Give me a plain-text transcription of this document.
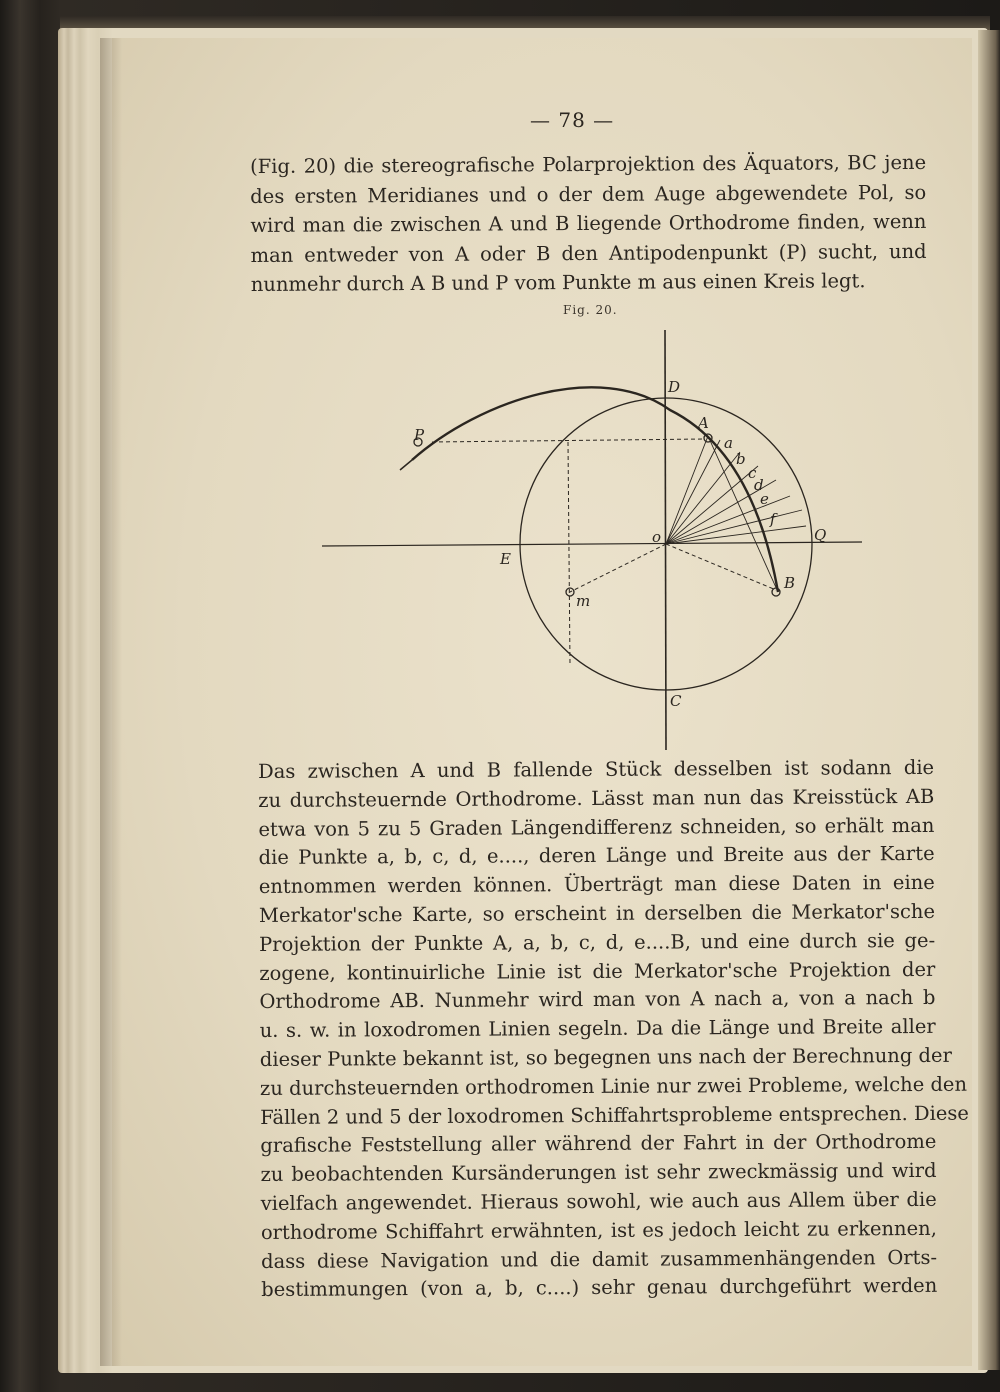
— 78 —
(Fig. 20) die stereografische Polarprojektion des Äquators, BC jene
des ersten Meridianes und o der dem Auge abgewendete Pol, so
wird man die zwischen A und B liegende Orthodrome finden, wenn
man entweder von A oder B den Antipodenpunkt (P) sucht, und
nunmehr durch A B und P vom Punkte m aus einen Kreis legt.
Fig. 20.
D
A
a
b
c
d
e
f
Q
B
E
o
m
P
C
Das zwischen A und B fallende Stück desselben ist sodann die
zu durchsteuernde Orthodrome. Lässt man nun das Kreisstück AB
etwa von 5 zu 5 Graden Längendifferenz schneiden, so erhält man
die Punkte a, b, c, d, e...., deren Länge und Breite aus der Karte
entnommen werden können. Überträgt man diese Daten in eine
Merkator'sche Karte, so erscheint in derselben die Merkator'sche
Projektion der Punkte A, a, b, c, d, e....B, und eine durch sie ge-
zogene, kontinuirliche Linie ist die Merkator'sche Projektion der
Orthodrome AB. Nunmehr wird man von A nach a, von a nach b
u. s. w. in loxodromen Linien segeln. Da die Länge und Breite aller
dieser Punkte bekannt ist, so begegnen uns nach der Berechnung der
zu durchsteuernden orthodromen Linie nur zwei Probleme, welche den
Fällen 2 und 5 der loxodromen Schiffahrtsprobleme entsprechen. Diese
grafische Feststellung aller während der Fahrt in der Orthodrome
zu beobachtenden Kursänderungen ist sehr zweckmässig und wird
vielfach angewendet. Hieraus sowohl, wie auch aus Allem über die
orthodrome Schiffahrt erwähnten, ist es jedoch leicht zu erkennen,
dass diese Navigation und die damit zusammenhängenden Orts-
bestimmungen (von a, b, c....) sehr genau durchgeführt werden
